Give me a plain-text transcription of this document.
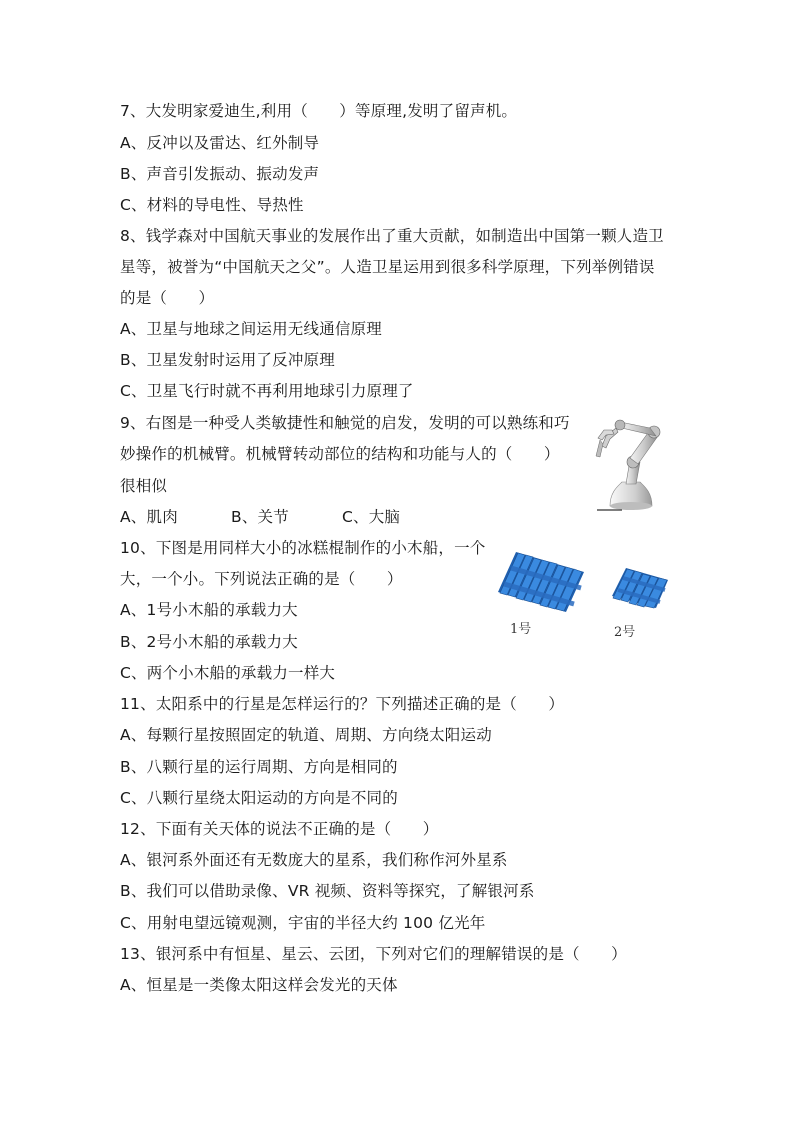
7、大发明家爱迪生,利用（　　）等原理,发明了留声机。
A、反冲以及雷达、红外制导
B、声音引发振动、振动发声
C、材料的导电性、导热性
8、钱学森对中国航天事业的发展作出了重大贡献，如制造出中国第一颗人造卫
星等，被誉为“中国航天之父”。人造卫星运用到很多科学原理，下列举例错误
的是（　　）
A、卫星与地球之间运用无线通信原理
B、卫星发射时运用了反冲原理
C、卫星飞行时就不再利用地球引力原理了
9、右图是一种受人类敏捷性和触觉的启发，发明的可以熟练和巧
妙操作的机械臂。机械臂转动部位的结构和功能与人的（　　）
很相似
A、肌肉	B、关节	C、大脑
10、下图是用同样大小的冰糕棍制作的小木船，一个
大，一个小。下列说法正确的是（　　）
A、1号小木船的承载力大
B、2号小木船的承载力大
C、两个小木船的承载力一样大
1号	2号
11、太阳系中的行星是怎样运行的？下列描述正确的是（　　）
A、每颗行星按照固定的轨道、周期、方向绕太阳运动
B、八颗行星的运行周期、方向是相同的
C、八颗行星绕太阳运动的方向是不同的
12、下面有关天体的说法不正确的是（　　）
A、银河系外面还有无数庞大的星系，我们称作河外星系
B、我们可以借助录像、VR 视频、资料等探究，了解银河系
C、用射电望远镜观测，宇宙的半径大约 100 亿光年
13、银河系中有恒星、星云、云团，下列对它们的理解错误的是（　　）
A、恒星是一类像太阳这样会发光的天体
